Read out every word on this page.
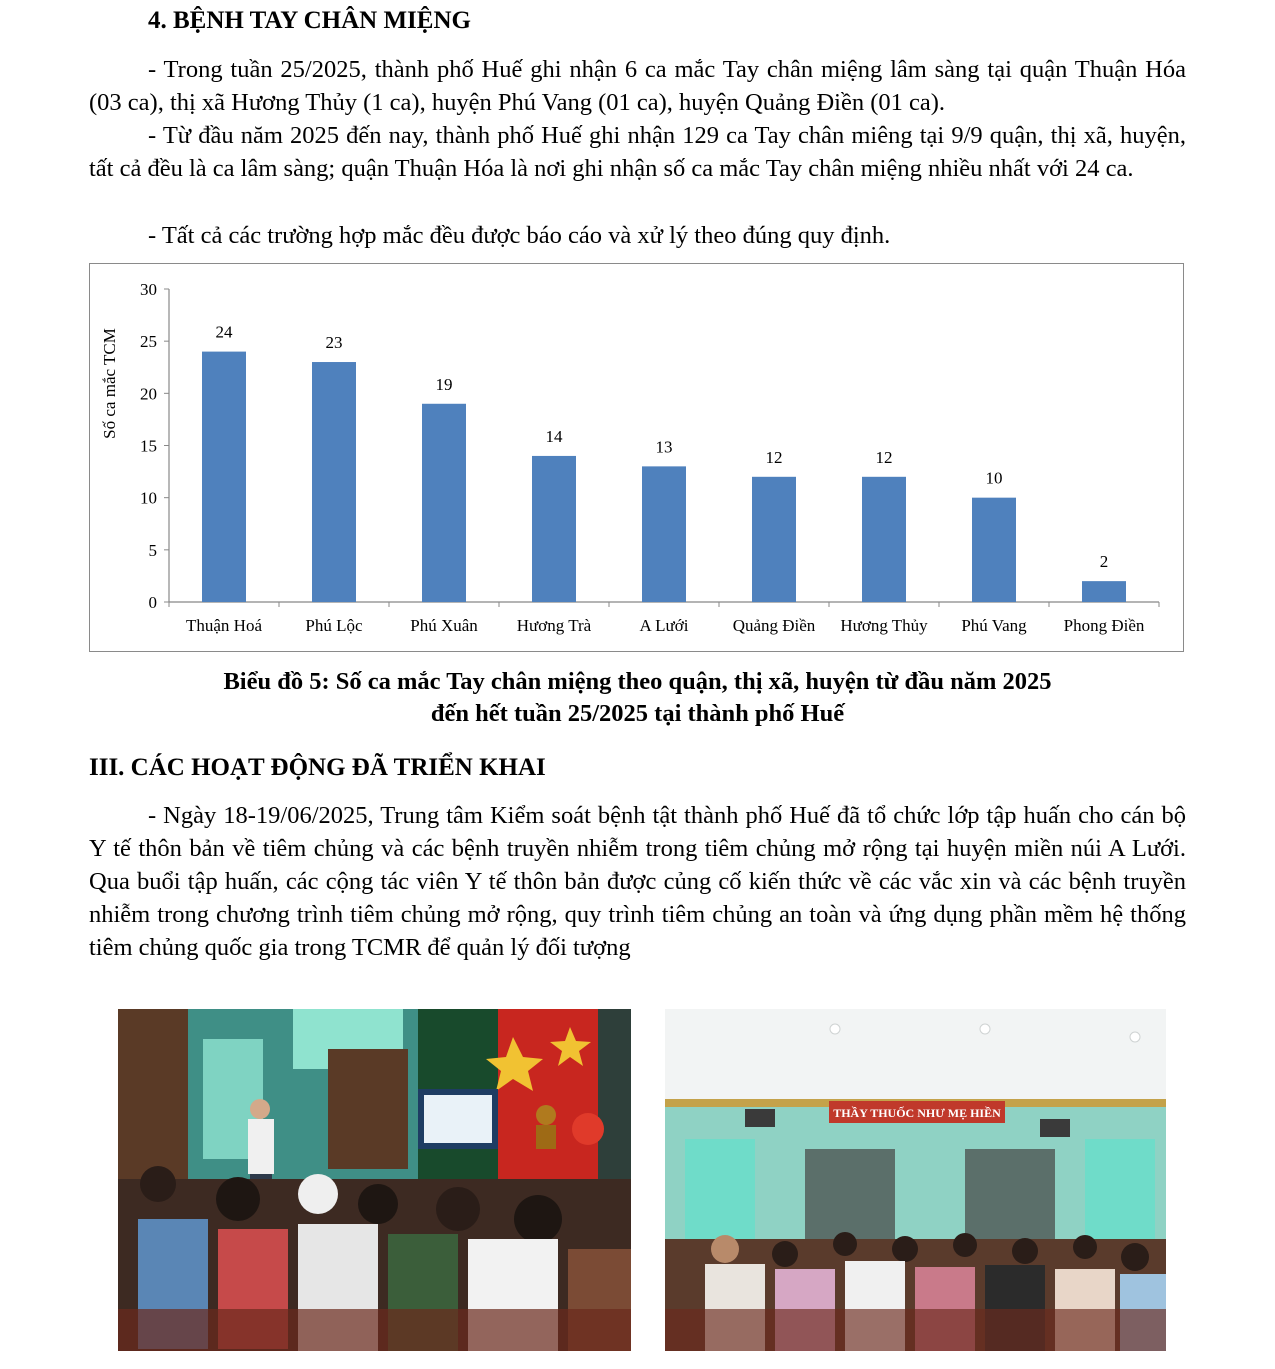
4. BỆNH TAY CHÂN MIỆNG

- Trong tuần 25/2025, thành phố Huế ghi nhận 6 ca mắc Tay chân miệng lâm sàng tại quận Thuận Hóa (03 ca), thị xã Hương Thủy (1 ca), huyện Phú Vang (01 ca), huyện Quảng Điền (01 ca).

- Từ đầu năm 2025 đến nay, thành phố Huế ghi nhận 129 ca Tay chân miêng tại 9/9 quận, thị xã, huyện, tất cả đều là ca lâm sàng; quận Thuận Hóa là nơi ghi nhận số ca mắc Tay chân miệng nhiều nhất với 24 ca.

- Tất cả các trường hợp mắc đều được báo cáo và xử lý theo đúng quy định.

0
5
10
15
20
25
30
Số ca mắc TCM	24
Thuận Hoá
23
Phú Lộc
19
Phú Xuân
14
Hương Trà
13
A Lưới
12
Quảng Điền
12
Hương Thủy
10
Phú Vang
2
Phong Điền

Biểu đồ 5: Số ca mắc Tay chân miệng theo quận, thị xã, huyện từ đầu năm 2025

đến hết tuần 25/2025 tại thành phố Huế

III. CÁC HOẠT ĐỘNG ĐÃ TRIỂN KHAI

- Ngày 18-19/06/2025, Trung tâm Kiểm soát bệnh tật thành phố Huế đã tổ chức lớp tập huấn cho cán bộ Y tế thôn bản về tiêm chủng và các bệnh truyền nhiễm trong tiêm chủng mở rộng tại huyện miền núi A Lưới. Qua buổi tập huấn, các cộng tác viên Y tế thôn bản được củng cố kiến thức về các vắc xin và các bệnh truyền nhiễm trong chương trình tiêm chủng mở rộng, quy trình tiêm chủng an toàn và ứng dụng phần mềm hệ thống tiêm chủng quốc gia trong TCMR để quản lý đối tượng

THẦY THUỐC NHƯ MẸ HIỀN
